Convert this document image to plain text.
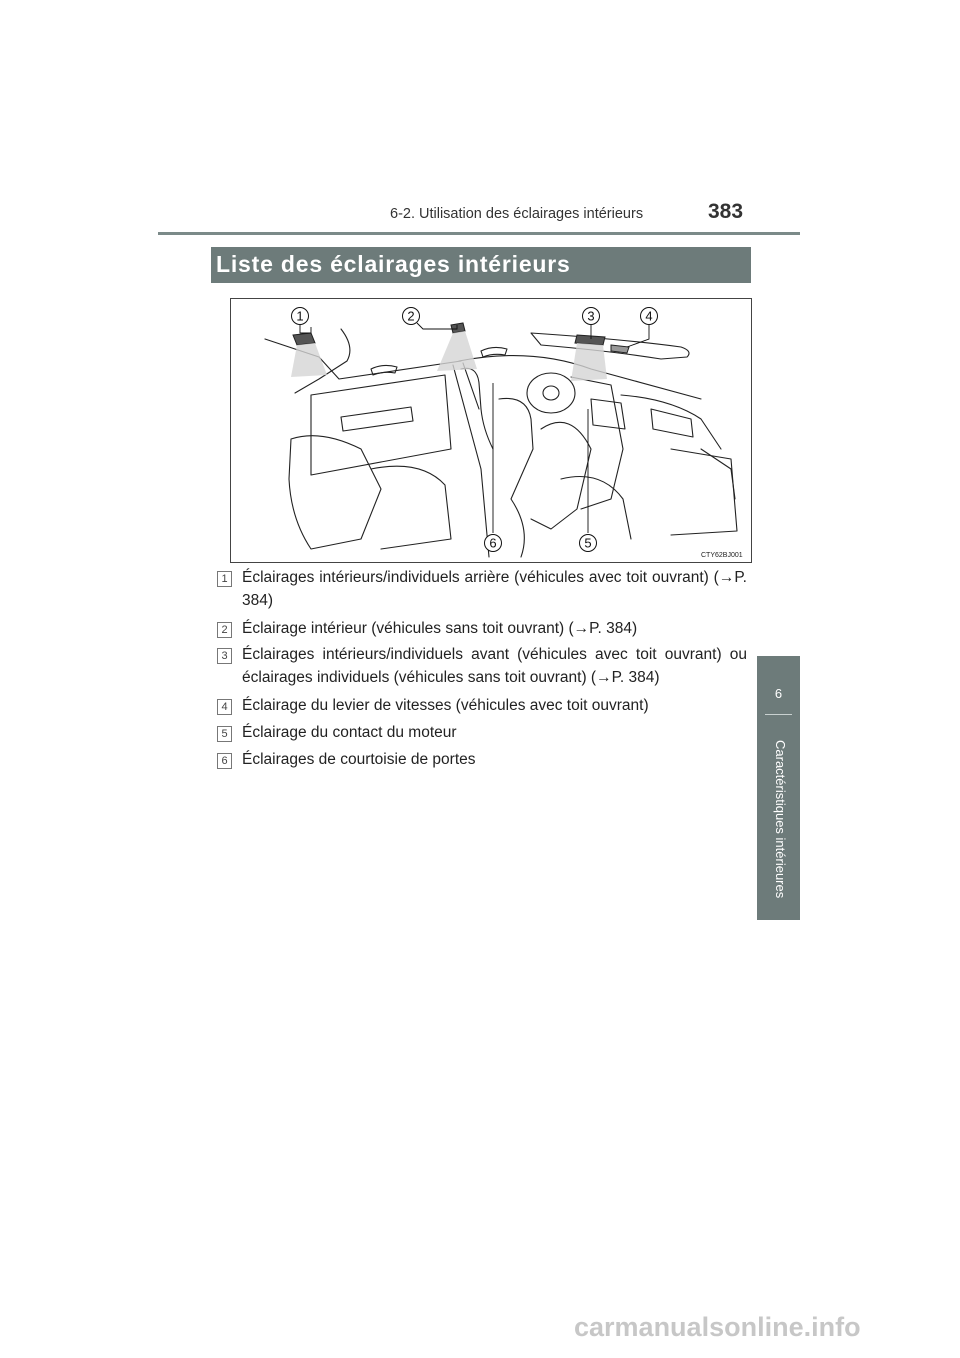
6-2. Utilisation des éclairages intérieurs	383
6
Caractéristiques intérieures
Liste des éclairages intérieurs
1	2	3	4
5
6
CTY62BJ001
1 Éclairages intérieurs/individuels arrière (véhicules avec toit ouvrant) (→P. 384)
2 Éclairage intérieur (véhicules sans toit ouvrant) (→P. 384)
3 Éclairages intérieurs/individuels avant (véhicules avec toit ouvrant) ou éclairages individuels (véhicules sans toit ouvrant) (→P. 384)
4 Éclairage du levier de vitesses (véhicules avec toit ouvrant)
5 Éclairage du contact du moteur
6 Éclairages de courtoisie de portes
carmanualsonline.info
